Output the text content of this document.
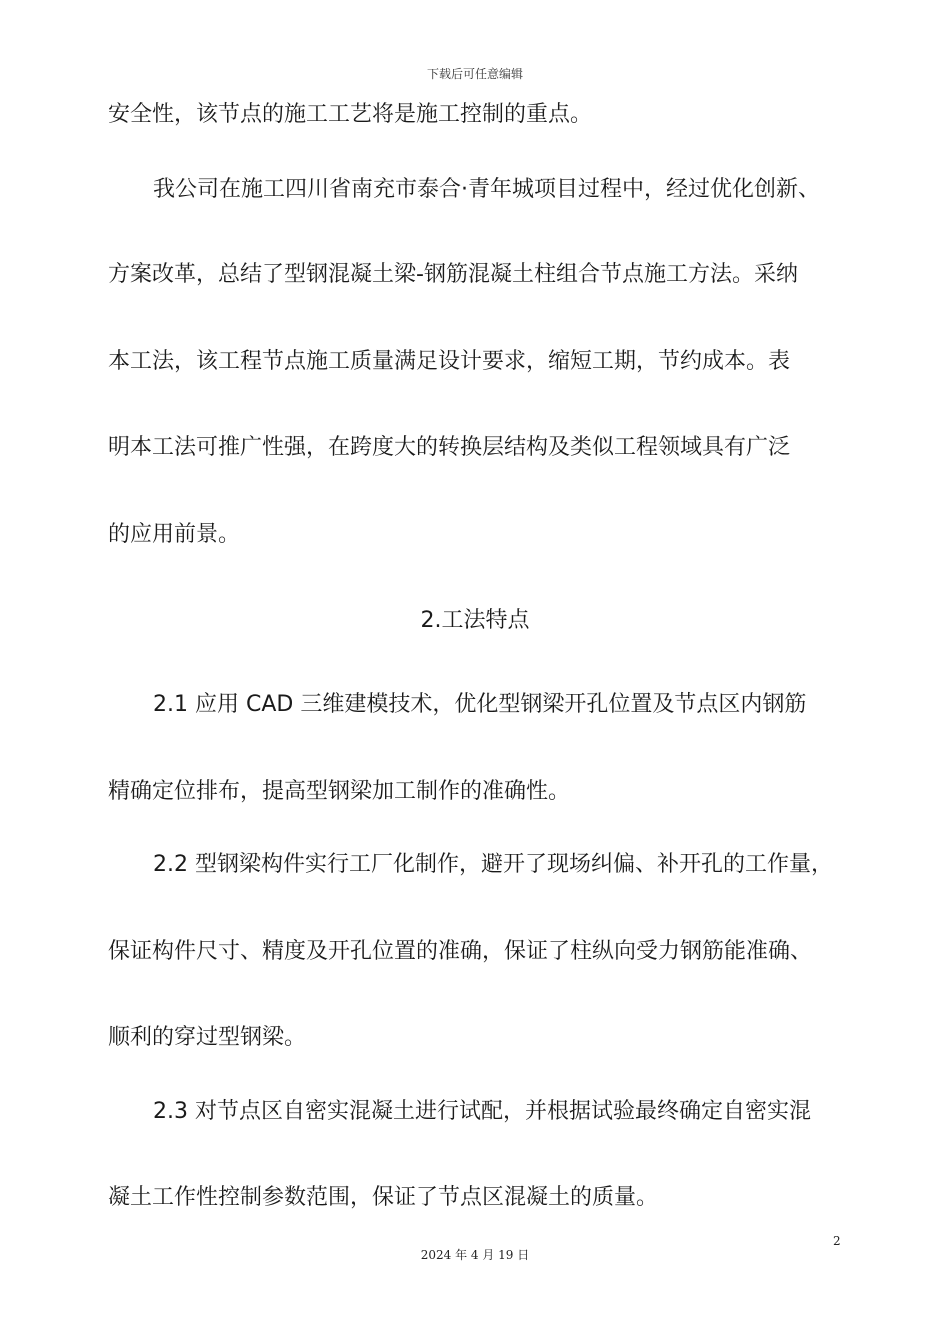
下载后可任意编辑
安全性，该节点的施工工艺将是施工控制的重点。
我公司在施工四川省南充市泰合·青年城项目过程中，经过优化创新、
方案改革，总结了型钢混凝土梁-钢筋混凝土柱组合节点施工方法。采纳
本工法，该工程节点施工质量满足设计要求，缩短工期，节约成本。表
明本工法可推广性强，在跨度大的转换层结构及类似工程领域具有广泛
的应用前景。
2.工法特点
2.1 应用 CAD 三维建模技术，优化型钢梁开孔位置及节点区内钢筋
精确定位排布，提高型钢梁加工制作的准确性。
2.2 型钢梁构件实行工厂化制作，避开了现场纠偏、补开孔的工作量，
保证构件尺寸、精度及开孔位置的准确，保证了柱纵向受力钢筋能准确、
顺利的穿过型钢梁。
2.3 对节点区自密实混凝土进行试配，并根据试验最终确定自密实混
凝土工作性控制参数范围，保证了节点区混凝土的质量。
2
2024 年 4 月 19 日
